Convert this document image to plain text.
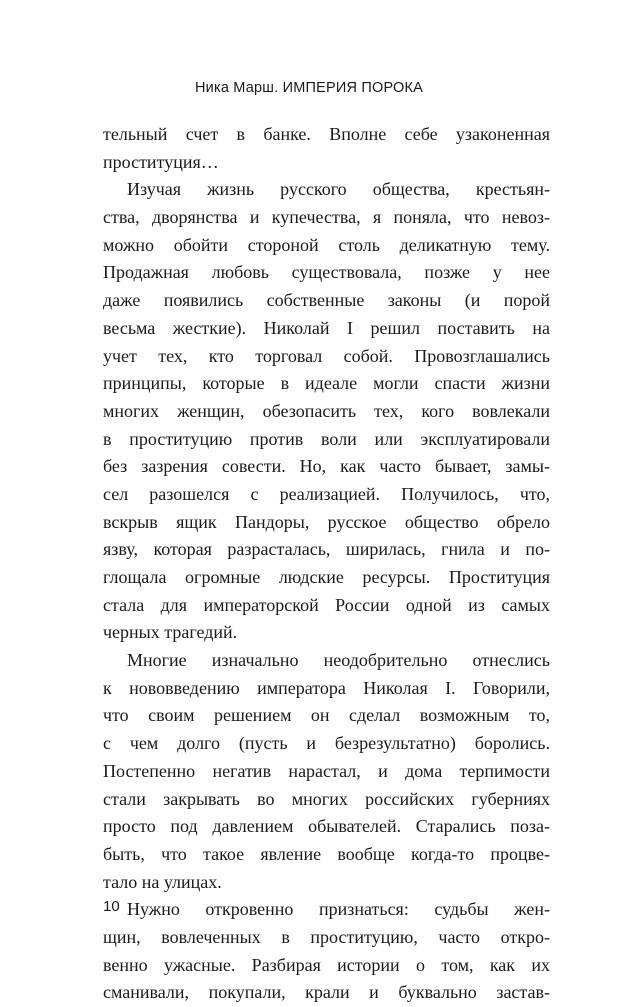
Ника Марш. ИМПЕРИЯ ПОРОКА
тельный счет в банке. Вполне себе узаконенная
проституция…
Изучая жизнь русского общества, крестьян-
ства, дворянства и купечества, я поняла, что невоз-
можно обойти стороной столь деликатную тему.
Продажная любовь существовала, позже у нее
даже появились собственные законы (и порой
весьма жесткие). Николай I решил поставить на
учет тех, кто торговал собой. Провозглашались
принципы, которые в идеале могли спасти жизни
многих женщин, обезопасить тех, кого вовлекали
в проституцию против воли или эксплуатировали
без зазрения совести. Но, как часто бывает, замы-
сел разошелся с реализацией. Получилось, что,
вскрыв ящик Пандоры, русское общество обрело
язву, которая разрасталась, ширилась, гнила и по-
глощала огромные людские ресурсы. Проституция
стала для императорской России одной из самых
черных трагедий.
Многие изначально неодобрительно отнеслись
к нововведению императора Николая I. Говорили,
что своим решением он сделал возможным то,
с чем долго (пусть и безрезультатно) боролись.
Постепенно негатив нарастал, и дома терпимости
стали закрывать во многих российских губерниях
просто под давлением обывателей. Старались поза-
быть, что такое явление вообще когда-то процве-
тало на улицах.
Нужно откровенно признаться: судьбы жен-
щин, вовлеченных в проституцию, часто откро-
венно ужасные. Разбирая истории о том, как их
сманивали, покупали, крали и буквально застав-
10
